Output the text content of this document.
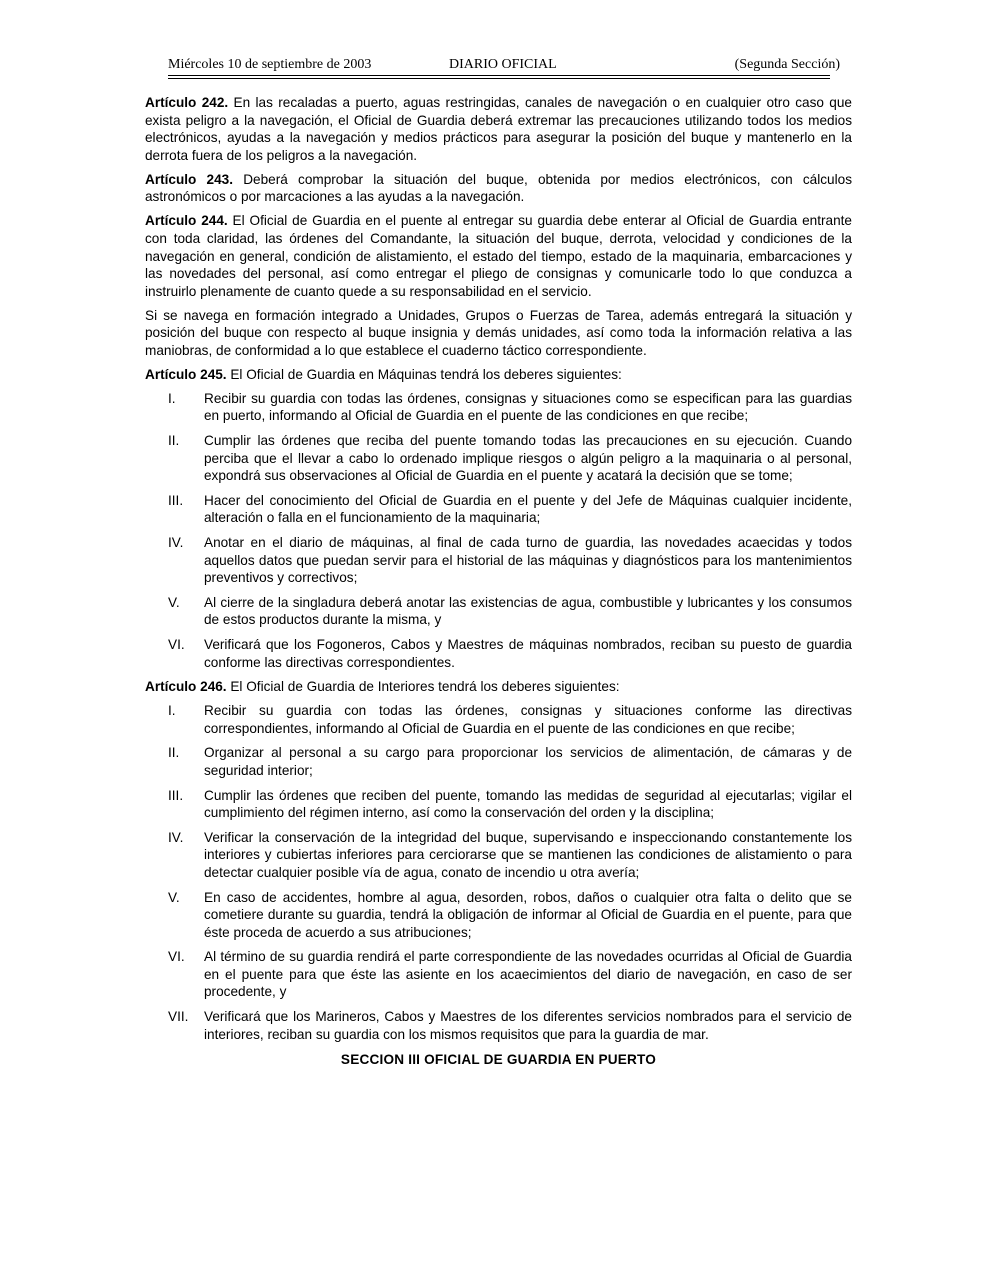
Miércoles 10 de septiembre de 2003	DIARIO OFICIAL	(Segunda Sección)

Artículo 242. En las recaladas a puerto, aguas restringidas, canales de navegación o en cualquier otro caso que exista peligro a la navegación, el Oficial de Guardia deberá extremar las precauciones utilizando todos los medios electrónicos, ayudas a la navegación y medios prácticos para asegurar la posición del buque y mantenerlo en la derrota fuera de los peligros a la navegación.

Artículo 243. Deberá comprobar la situación del buque, obtenida por medios electrónicos, con cálculos astronómicos o por marcaciones a las ayudas a la navegación.

Artículo 244. El Oficial de Guardia en el puente al entregar su guardia debe enterar al Oficial de Guardia entrante con toda claridad, las órdenes del Comandante, la situación del buque, derrota, velocidad y condiciones de la navegación en general, condición de alistamiento, el estado del tiempo, estado de la maquinaria, embarcaciones y las novedades del personal, así como entregar el pliego de consignas y comunicarle todo lo que conduzca a instruirlo plenamente de cuanto quede a su responsabilidad en el servicio.

Si se navega en formación integrado a Unidades, Grupos o Fuerzas de Tarea, además entregará la situación y posición del buque con respecto al buque insignia y demás unidades, así como toda la información relativa a las maniobras, de conformidad a lo que establece el cuaderno táctico correspondiente.

Artículo 245. El Oficial de Guardia en Máquinas tendrá los deberes siguientes:

I. Recibir su guardia con todas las órdenes, consignas y situaciones como se especifican para las guardias en puerto, informando al Oficial de Guardia en el puente de las condiciones en que recibe;
II. Cumplir las órdenes que reciba del puente tomando todas las precauciones en su ejecución. Cuando perciba que el llevar a cabo lo ordenado implique riesgos o algún peligro a la maquinaria o al personal, expondrá sus observaciones al Oficial de Guardia en el puente y acatará la decisión que se tome;
III. Hacer del conocimiento del Oficial de Guardia en el puente y del Jefe de Máquinas cualquier incidente, alteración o falla en el funcionamiento de la maquinaria;
IV. Anotar en el diario de máquinas, al final de cada turno de guardia, las novedades acaecidas y todos aquellos datos que puedan servir para el historial de las máquinas y diagnósticos para los mantenimientos preventivos y correctivos;
V. Al cierre de la singladura deberá anotar las existencias de agua, combustible y lubricantes y los consumos de estos productos durante la misma, y
VI. Verificará que los Fogoneros, Cabos y Maestres de máquinas nombrados, reciban su puesto de guardia conforme las directivas correspondientes.

Artículo 246. El Oficial de Guardia de Interiores tendrá los deberes siguientes:

I. Recibir su guardia con todas las órdenes, consignas y situaciones conforme las directivas correspondientes, informando al Oficial de Guardia en el puente de las condiciones en que recibe;
II. Organizar al personal a su cargo para proporcionar los servicios de alimentación, de cámaras y de seguridad interior;
III. Cumplir las órdenes que reciben del puente, tomando las medidas de seguridad al ejecutarlas; vigilar el cumplimiento del régimen interno, así como la conservación del orden y la disciplina;
IV. Verificar la conservación de la integridad del buque, supervisando e inspeccionando constantemente los interiores y cubiertas inferiores para cerciorarse que se mantienen las condiciones de alistamiento o para detectar cualquier posible vía de agua, conato de incendio u otra avería;
V. En caso de accidentes, hombre al agua, desorden, robos, daños o cualquier otra falta o delito que se cometiere durante su guardia, tendrá la obligación de informar al Oficial de Guardia en el puente, para que éste proceda de acuerdo a sus atribuciones;
VI. Al término de su guardia rendirá el parte correspondiente de las novedades ocurridas al Oficial de Guardia en el puente para que éste las asiente en los acaecimientos del diario de navegación, en caso de ser procedente, y
VII. Verificará que los Marineros, Cabos y Maestres de los diferentes servicios nombrados para el servicio de interiores, reciban su guardia con los mismos requisitos que para la guardia de mar.
SECCION III OFICIAL DE GUARDIA EN PUERTO
